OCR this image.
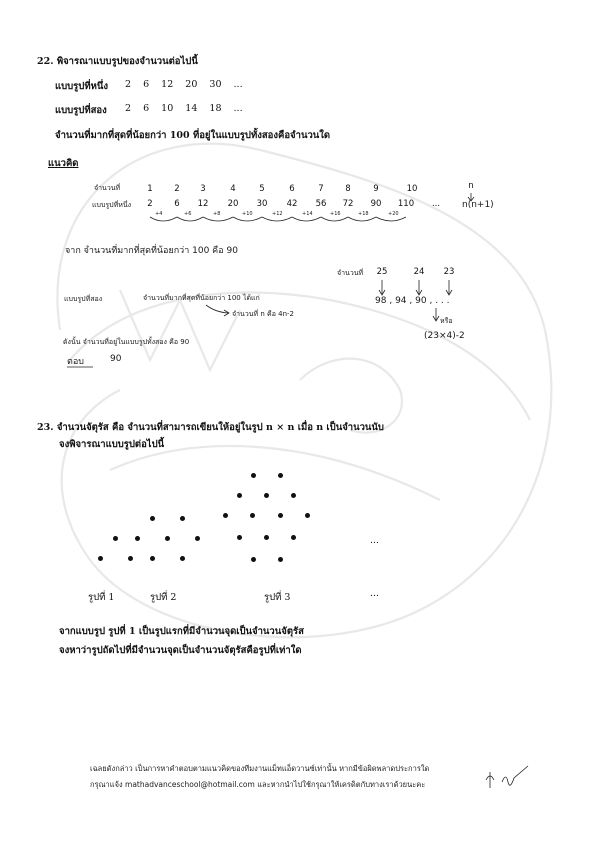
22. พิจารณาแบบรูปของจำนวนต่อไปนี้
แบบรูปที่หนึ่ง 2 6 12 20 30 ...
แบบรูปที่สอง 2 6 10 14 18 ...
จำนวนที่มากที่สุดที่น้อยกว่า 100 ที่อยู่ในแบบรูปทั้งสองคือจำนวนใด
แนวคิด
จำนวนที่	1	2	3	4	5	6	7	8	9	10	n
แบบรูปที่หนึ่ง	2	6	12	20	30	42	56	72	90	110	...	n(n+1)
+4	+6	+8	+10	+12	+14	+16	+18	+20
จาก จำนวนที่มากที่สุดที่น้อยกว่า 100 คือ 90
จำนวนที่	25	24	23
แบบรูปที่สอง	จำนวนที่มากที่สุดที่น้อยกว่า 100 ได้แก่	98 , 94 , 90 , . . .
จำนวนที่ n คือ 4n-2
หรือ
(23×4)-2
ดังนั้น จำนวนที่อยู่ในแบบรูปทั้งสอง คือ 90
ตอบ	90
23. จำนวนจัตุรัส คือ จำนวนที่สามารถเขียนให้อยู่ในรูป n × n เมื่อ n เป็นจำนวนนับ
จงพิจารณาแบบรูปต่อไปนี้
...
รูปที่ 1	รูปที่ 2	รูปที่ 3	...
จากแบบรูป รูปที่ 1 เป็นรูปแรกที่มีจำนวนจุดเป็นจำนวนจัตุรัส
จงหาว่ารูปถัดไปที่มีจำนวนจุดเป็นจำนวนจัตุรัสคือรูปที่เท่าใด
เฉลยดังกล่าว เป็นการหาคำตอบตามแนวคิดของทีมงานแม็ทแอ็ดวานซ์เท่านั้น หากมีข้อผิดพลาดประการใด
กรุณาแจ้ง mathadvanceschool@hotmail.com และหากนำไปใช้กรุณาให้เครดิตกับทางเราด้วยนะคะ
